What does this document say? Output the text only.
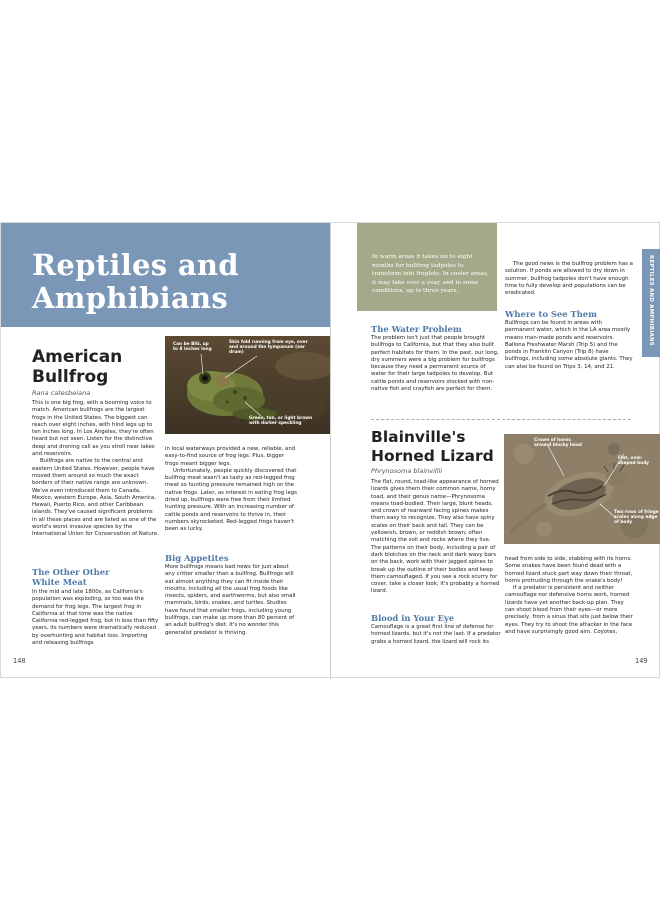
Reptiles and
Amphibians
American
Bullfrog
Rana catesbeiana

This is one big frog, with a booming voice to match. American bullfrogs are the largest frogs in the United States. The biggest can reach over eight inches, with hind legs up to ten inches long. In Los Angeles, they're often heard but not seen. Listen for the distinctive deep and droning call as you stroll near lakes and reservoirs.

Bullfrogs are native to the central and eastern United States. However, people have moved them around so much the exact borders of their native range are unknown. We've even introduced them to Canada, Mexico, western Europe, Asia, South America, Hawaii, Puerto Rico, and other Caribbean islands. They've caused significant problems in all these places and are listed as one of the world's worst invasive species by the International Union for Conservation of Nature.

The Other Other
White Meat

In the mid and late 1800s, as California's population was exploding, so too was the demand for frog legs. The largest frog in California at that time was the native California red-legged frog, but in less than fifty years, its numbers were dramatically reduced by overhunting and habitat loss. Importing and releasing bullfrogs

Can be BIG, up to 8 inches long
Skin fold running from eye, over and around the tympanum (ear drum)
Green, tan, or light brown with darker speckling

in local waterways provided a new, reliable, and easy-to-find source of frog legs. Plus, bigger frogs meant bigger legs.

Unfortunately, people quickly discovered that bullfrog meat wasn't as tasty as red-legged frog meat so hunting pressure remained high on the native frogs. Later, as interest in eating frog legs dried up, bullfrogs were free from their limited hunting pressure. With an increasing number of cattle ponds and reservoirs to thrive in, their numbers skyrocketed. Red-legged frogs haven't been as lucky.

Big Appetites

More bullfrogs means bad news for just about any critter smaller than a bullfrog. Bullfrogs will eat almost anything they can fit inside their mouths, including all the usual frog foods like insects, spiders, and earthworms, but also small mammals, birds, snakes, and turtles. Studies have found that smaller frogs, including young bullfrogs, can make up more than 80 percent of an adult bullfrog's diet. It's no wonder this generalist predator is thriving.

148
In warm areas it takes six to eight months for bullfrog tadpoles to transform into froglets. In cooler areas, it may take over a year, and in some conditions, up to three years.	REPTILES AND AMPHIBIANS
The Water Problem

The problem isn't just that people brought bullfrogs to California, but that they also built perfect habitats for them. In the past, our long, dry summers were a big problem for bullfrogs because they need a permanent source of water for their large tadpoles to develop. But cattle ponds and reservoirs stocked with non-native fish and crayfish are perfect for them.

The good news is the bullfrog problem has a solution. If ponds are allowed to dry down in summer, bullfrog tadpoles don't have enough time to fully develop and populations can be eradicated.

Where to See Them

Bullfrogs can be found in areas with permanent water, which in the LA area mostly means man-made ponds and reservoirs. Ballona Freshwater Marsh (Trip 5) and the ponds in Franklin Canyon (Trip 8) have bullfrogs, including some absolute giants. They can also be found on Trips 3, 14, and 21.

Blainville's
Horned Lizard
Phrynosoma blainvillii

The flat, round, toad-like appearance of horned lizards gives them their common name, horny toad, and their genus name—Phrynosoma means toad-bodied. Their large, blunt heads, and crown of rearward facing spines makes them easy to recognize. They also have spiny scales on their back and tail. They can be yellowish, brown, or reddish brown, often matching the soil and rocks where they live. The patterns on their body, including a pair of dark blotches on the neck and dark wavy bars on the back, work with their jagged spines to break up the outline of their bodies and keep them camouflaged. If you see a rock scurry for cover, take a closer look; it's probably a horned lizard.

Blood in Your Eye

Camouflage is a great first line of defense for horned lizards, but it's not the last. If a predator grabs a horned lizard, the lizard will rock its

Crown of horns around blocky head
Flat, oval-shaped body
Two rows of fringe scales along edge of body

head from side to side, stabbing with its horns. Some snakes have been found dead with a horned lizard stuck part way down their throat, horns protruding through the snake's body!

If a predator is persistent and neither camouflage nor defensive horns work, horned lizards have yet another back-up plan. They can shoot blood from their eyes—or more precisely, from a sinus that sits just below their eyes. They try to shoot the attacker in the face and have surprisingly good aim. Coyotes,

149
